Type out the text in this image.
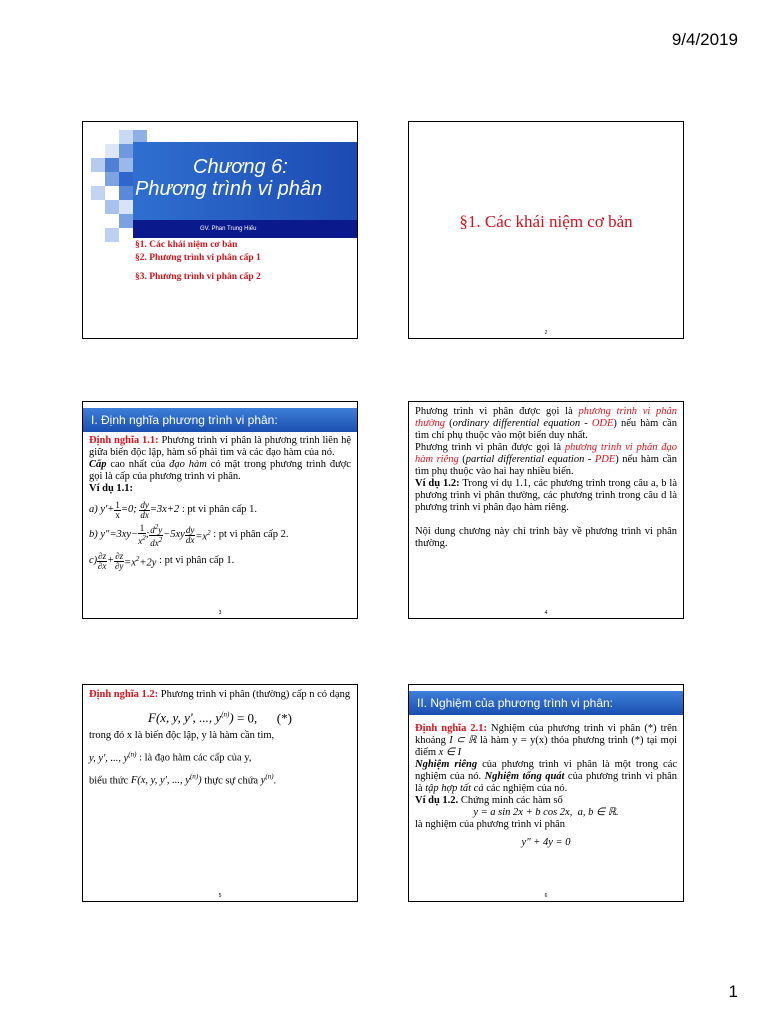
9/4/2019
Chương 6:
Phương trình vi phân
GV. Phan Trung Hiếu
§1. Các khái niệm cơ bản
§2. Phương trình vi phân cấp 1
§3. Phương trình vi phân cấp 2
§1. Các khái niệm cơ bản
2
I. Định nghĩa phương trình vi phân:
Định nghĩa 1.1: Phương trình vi phân là phương trình liên hệ giữa biến độc lập, hàm số phải tìm và các đạo hàm của nó.
Cấp cao nhất của đạo hàm có mặt trong phương trình được gọi là cấp của phương trình vi phân.
Ví dụ 1.1:
a) $y'+ \frac{1}{x} =0$;
$\frac{dy}{dx} =3x+2$
: pt vi phân cấp 1.
b) y"=3xy− $\frac{1}{x^2}$ ; $\frac{d^2y}{dx^2} -5xy \frac{dy}{dx} =x^2$
: pt vi phân cấp 2.
$c) \frac{\partial z}{\partial x} + \frac{\partial z}{\partial y} =x^2+2y$
: pt vi phân cấp 1.
3
Phương trình vi phân được gọi là phương trình vi phân thường (ordinary differential equation - ODE) nếu hàm cần tìm chỉ phụ thuộc vào một biến duy nhất.
Phương trình vi phân được gọi là phương trình vi phân đạo hàm riêng (partial differential equation - PDE) nếu hàm cần tìm phụ thuộc vào hai hay nhiều biến.
Ví dụ 1.2: Trong ví dụ 1.1, các phương trình trong câu a, b là phương trình vi phân thường, các phương trình trong câu d là phương trình vi phân đạo hàm riêng.
Nội dung chương này chỉ trình bày về phương trình vi phân thường.
4
Định nghĩa 1.2: Phương trình vi phân (thường) cấp n có dạng
F(x, y, y', ..., $y^{(n)}) = 0$,      (*)
trong đó x là biến độc lập, y là hàm cần tìm,
y, y', ..., $y^{(n)}$ : là đạo hàm các cấp của y,
biểu thức F(x, y, y', ..., $y^{(n)}$) thực sự chứa $y^{(n)}$.
5
II. Nghiệm của phương trình vi phân:
Định nghĩa 2.1: Nghiệm của phương trình vi phân (*) trên khoảng I ⊂ ℝ là hàm y = y(x) thỏa phương trình (*) tại mọi điểm x ∈ I
Nghiệm riêng của phương trình vi phân là một trong các nghiệm của nó. Nghiệm tổng quát của phương trình vi phân là tập hợp tất cả các nghiệm của nó.
Ví dụ 1.2. Chứng minh các hàm số
y = a sin 2x + b cos 2x,  a, b ∈ ℝ.
là nghiệm của phương trình vi phân
y" + 4y = 0
6
1
